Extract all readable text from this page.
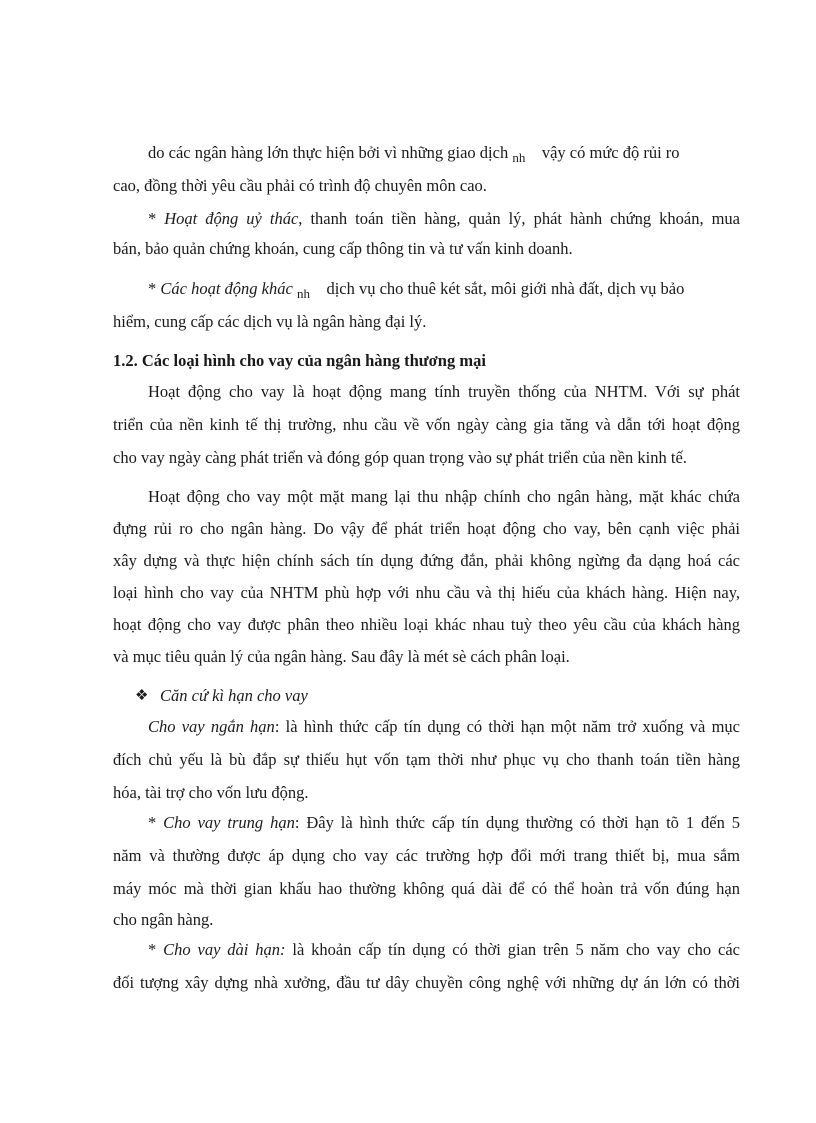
do các ngân hàng lớn thực hiện bởi vì những giao dịch $_{nh}$ vậy có mức độ rủi ro
cao, đồng thời yêu cầu phải có trình độ chuyên môn cao.
* Hoạt động uỷ thác, thanh toán tiền hàng, quản lý, phát hành chứng khoán, mua
bán, bảo quản chứng khoán, cung cấp thông tin và tư vấn kinh doanh.
* Các hoạt động khác $_{nh}$ dịch vụ cho thuê két sắt, môi giới nhà đất, dịch vụ bảo
hiểm, cung cấp các dịch vụ là ngân hàng đại lý.
1.2. Các loại hình cho vay của ngân hàng thương mại
Hoạt động cho vay là hoạt động mang tính truyền thống của NHTM. Với sự phát
triển của nền kinh tế thị trường, nhu cầu về vốn ngày càng gia tăng và dẫn tới hoạt động
cho vay ngày càng phát triển và đóng góp quan trọng vào sự phát triển của nền kinh tế.
Hoạt động cho vay một mặt mang lại thu nhập chính cho ngân hàng, mặt khác chứa
đựng rủi ro cho ngân hàng. Do vậy để phát triển hoạt động cho vay, bên cạnh việc phải
xây dựng và thực hiện chính sách tín dụng đứng đắn, phải không ngừng đa dạng hoá các
loại hình cho vay của NHTM phù hợp với nhu cầu và thị hiếu của khách hàng. Hiện nay,
hoạt động cho vay được phân theo nhiều loại khác nhau tuỳ theo yêu cầu của khách hàng
và mục tiêu quản lý của ngân hàng. Sau đây là mét sè cách phân loại.
❖ Căn cứ kì hạn cho vay
Cho vay ngắn hạn: là hình thức cấp tín dụng có thời hạn một năm trở xuống và mục
đích chủ yếu là bù đắp sự thiếu hụt vốn tạm thời như phục vụ cho thanh toán tiền hàng
hóa, tài trợ cho vốn lưu động.
* Cho vay trung hạn: Đây là hình thức cấp tín dụng thường có thời hạn tõ 1 đến 5
năm và thường được áp dụng cho vay các trường hợp đổi mới trang thiết bị, mua sắm
máy móc mà thời gian khấu hao thường không quá dài để có thể hoàn trả vốn đúng hạn
cho ngân hàng.
* Cho vay dài hạn: là khoản cấp tín dụng có thời gian trên 5 năm cho vay cho các
đối tượng xây dựng nhà xưởng, đầu tư dây chuyền công nghệ với những dự án lớn có thời
